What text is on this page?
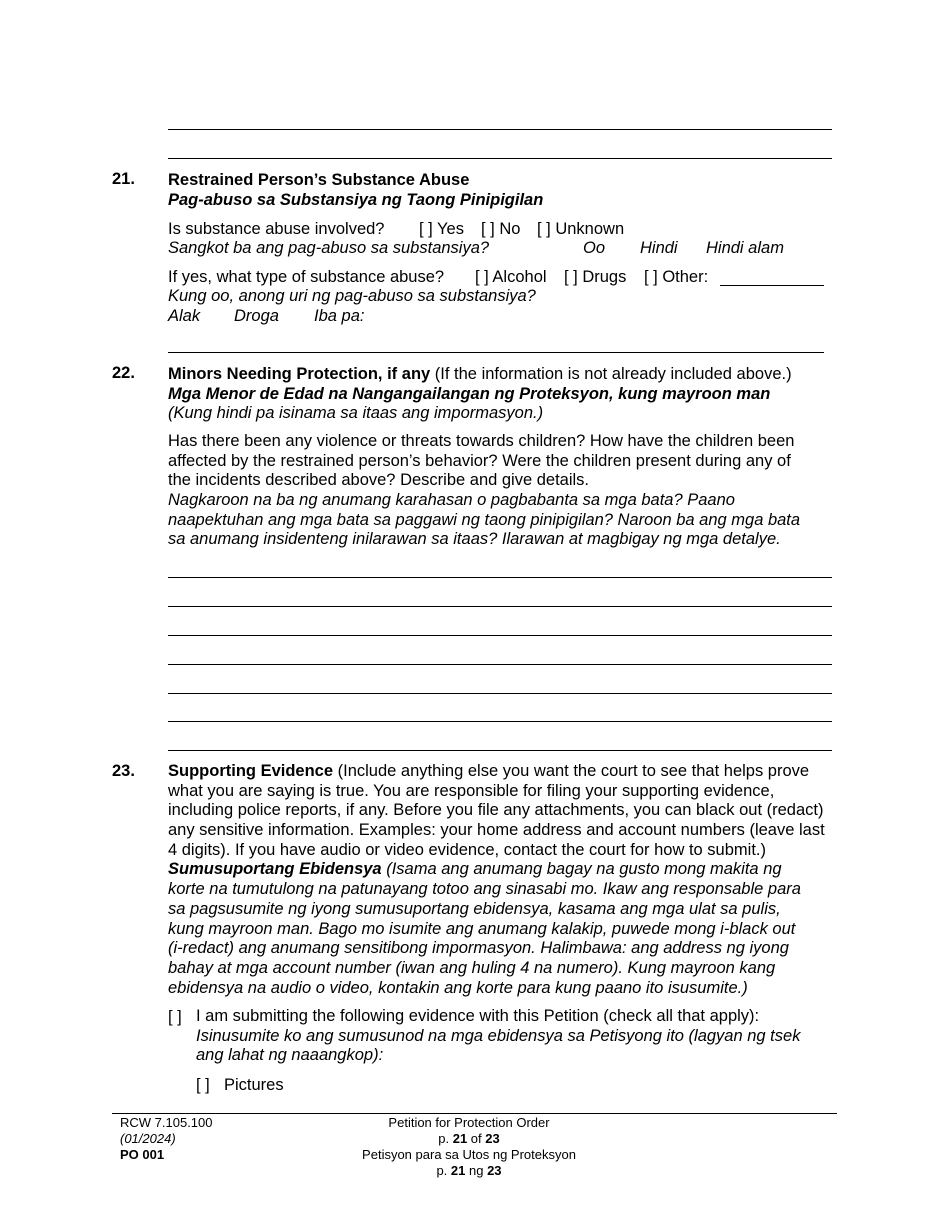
21. Restrained Person’s Substance Abuse
Pag-abuso sa Substansiya ng Taong Pinipigilan
Is substance abuse involved? [ ] Yes [ ] No [ ] Unknown
Sangkot ba ang pag-abuso sa substansiya?	Oo Hindi Hindi alam
If yes, what type of substance abuse? [ ] Alcohol [ ] Drugs [ ] Other:
Kung oo, anong uri ng pag-abuso sa substansiya?
Alak Droga Iba pa:
22. Minors Needing Protection, if any (If the information is not already included above.)
Mga Menor de Edad na Nangangailangan ng Proteksyon, kung mayroon man
(Kung hindi pa isinama sa itaas ang impormasyon.)
Has there been any violence or threats towards children? How have the children been
affected by the restrained person’s behavior? Were the children present during any of
the incidents described above? Describe and give details.
Nagkaroon na ba ng anumang karahasan o pagbabanta sa mga bata? Paano
naapektuhan ang mga bata sa paggawi ng taong pinipigilan? Naroon ba ang mga bata
sa anumang insidenteng inilarawan sa itaas? Ilarawan at magbigay ng mga detalye.
23. Supporting Evidence (Include anything else you want the court to see that helps prove
what you are saying is true. You are responsible for filing your supporting evidence,
including police reports, if any. Before you file any attachments, you can black out (redact)
any sensitive information. Examples: your home address and account numbers (leave last
4 digits). If you have audio or video evidence, contact the court for how to submit.)
Sumusuportang Ebidensya (Isama ang anumang bagay na gusto mong makita ng
korte na tumutulong na patunayang totoo ang sinasabi mo. Ikaw ang responsable para
sa pagsusumite ng iyong sumusuportang ebidensya, kasama ang mga ulat sa pulis,
kung mayroon man. Bago mo isumite ang anumang kalakip, puwede mong i-black out
(i-redact) ang anumang sensitibong impormasyon. Halimbawa: ang address ng iyong
bahay at mga account number (iwan ang huling 4 na numero). Kung mayroon kang
ebidensya na audio o video, kontakin ang korte para kung paano ito isusumite.)
[ ] I am submitting the following evidence with this Petition (check all that apply):
Isinusumite ko ang sumusunod na mga ebidensya sa Petisyong ito (lagyan ng tsek
ang lahat ng naaangkop):
[ ] Pictures
RCW 7.105.100
(01/2024)
PO 001
Petition for Protection Order
p. 21 of 23
Petisyon para sa Utos ng Proteksyon
p. 21 ng 23
